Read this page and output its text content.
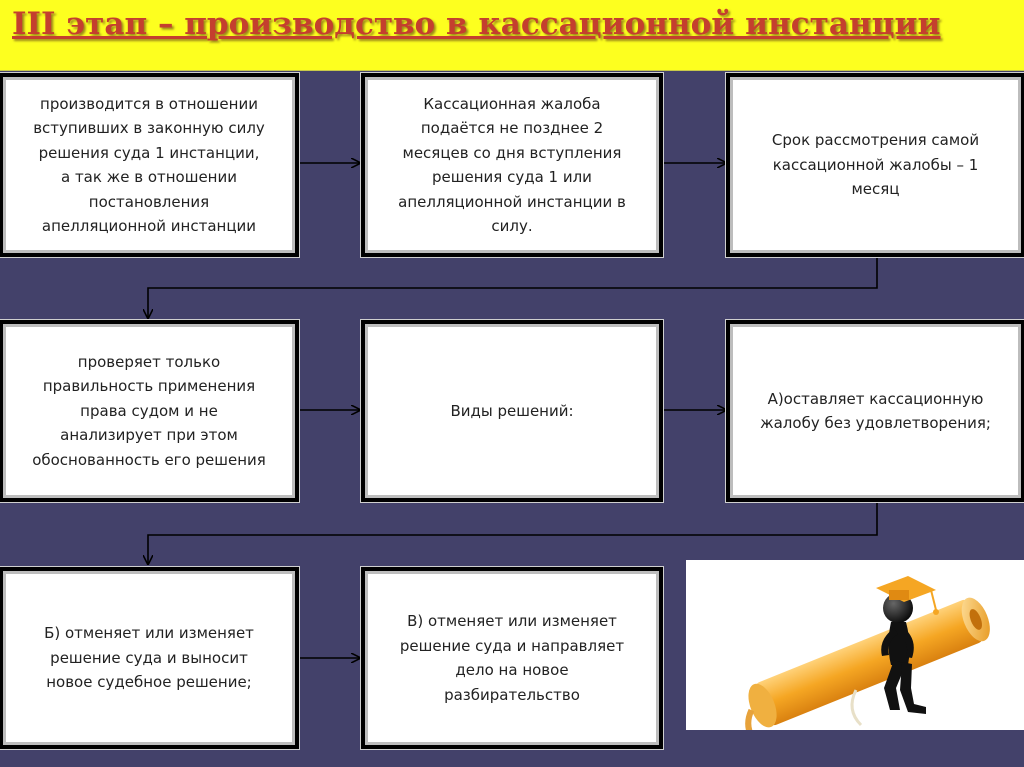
III этап – производство в кассационной инстанции
производится в отношении
вступивших в законную силу
решения суда 1 инстанции,
а так же в отношении
постановления
апелляционной инстанции
Кассационная жалоба
подаётся не позднее 2
месяцев со дня вступления
решения суда 1 или
апелляционной инстанции в
силу.
Срок рассмотрения самой
кассационной жалобы – 1
месяц
проверяет только
правильность применения
права судом и не
анализирует при этом
обоснованность его решения
Виды решений:
А)оставляет кассационную
жалобу без удовлетворения;
Б) отменяет или изменяет
решение суда и выносит
новое судебное решение;
В) отменяет или изменяет
решение суда и направляет
дело на новое
разбирательство
